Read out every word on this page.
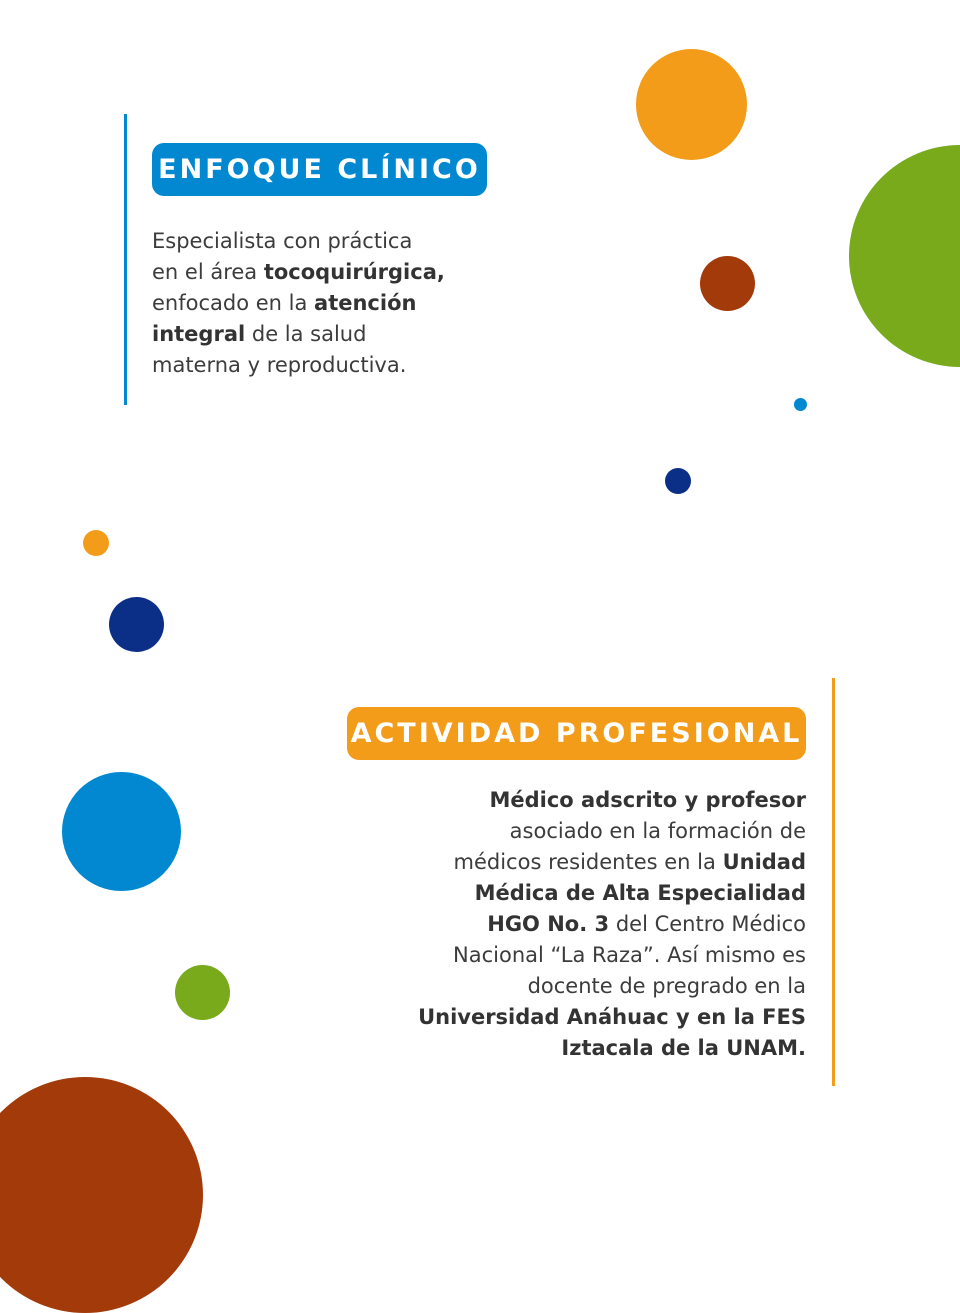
ENFOQUE CLÍNICO
Especialista con práctica
en el área tocoquirúrgica,
enfocado en la atención
integral de la salud
materna y reproductiva.
ACTIVIDAD PROFESIONAL
Médico adscrito y profesor
asociado en la formación de
médicos residentes en la Unidad
Médica de Alta Especialidad
HGO No. 3 del Centro Médico
Nacional “La Raza”. Así mismo es
docente de pregrado en la
Universidad Anáhuac y en la FES
Iztacala de la UNAM.
